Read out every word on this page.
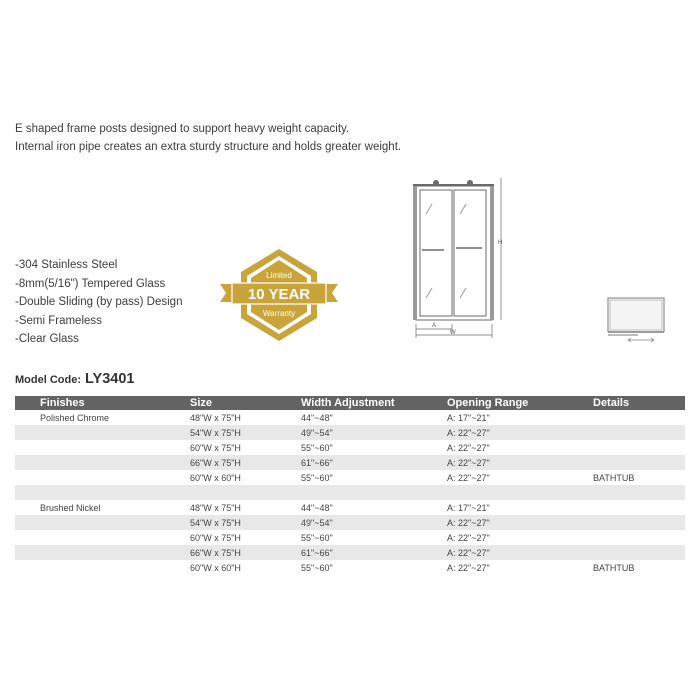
E shaped frame posts designed to support heavy weight capacity.
Internal iron pipe creates an extra sturdy structure and holds greater weight.
-304 Stainless Steel
-8mm(5/16") Tempered Glass
-Double Sliding (by pass) Design
-Semi Frameless
-Clear Glass
Limited
10 YEAR
Warranty
H
A
W
Model Code: LY3401
Finishes	Size	Width Adjustment	Opening Range	Details
Polished Chrome	48"W x 75"H	44"~48"	A: 17"~21"	
	54"W x 75"H	49"~54"	A: 22"~27"	
	60"W x 75"H	55"~60"	A: 22"~27"	
	66"W x 75"H	61"~66"	A: 22"~27"	
	60"W x 60"H	55"~60"	A: 22"~27"	BATHTUB

Brushed Nickel	48"W x 75"H	44"~48"	A: 17"~21"	
	54"W x 75"H	49"~54"	A: 22"~27"	
	60"W x 75"H	55"~60"	A: 22"~27"	
	66"W x 75"H	61"~66"	A: 22"~27"	
	60"W x 60"H	55"~60"	A: 22"~27"	BATHTUB
